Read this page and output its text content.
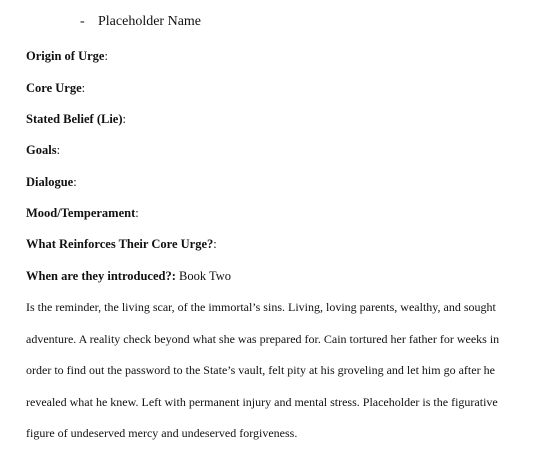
- Placeholder Name
Origin of Urge:
Core Urge:
Stated Belief (Lie):
Goals:
Dialogue:
Mood/Temperament:
What Reinforces Their Core Urge?:
When are they introduced?: Book Two
Is the reminder, the living scar, of the immortal’s sins. Living, loving parents, wealthy, and sought
adventure. A reality check beyond what she was prepared for. Cain tortured her father for weeks in
order to find out the password to the State’s vault, felt pity at his groveling and let him go after he
revealed what he knew. Left with permanent injury and mental stress. Placeholder is the figurative
figure of undeserved mercy and undeserved forgiveness.
